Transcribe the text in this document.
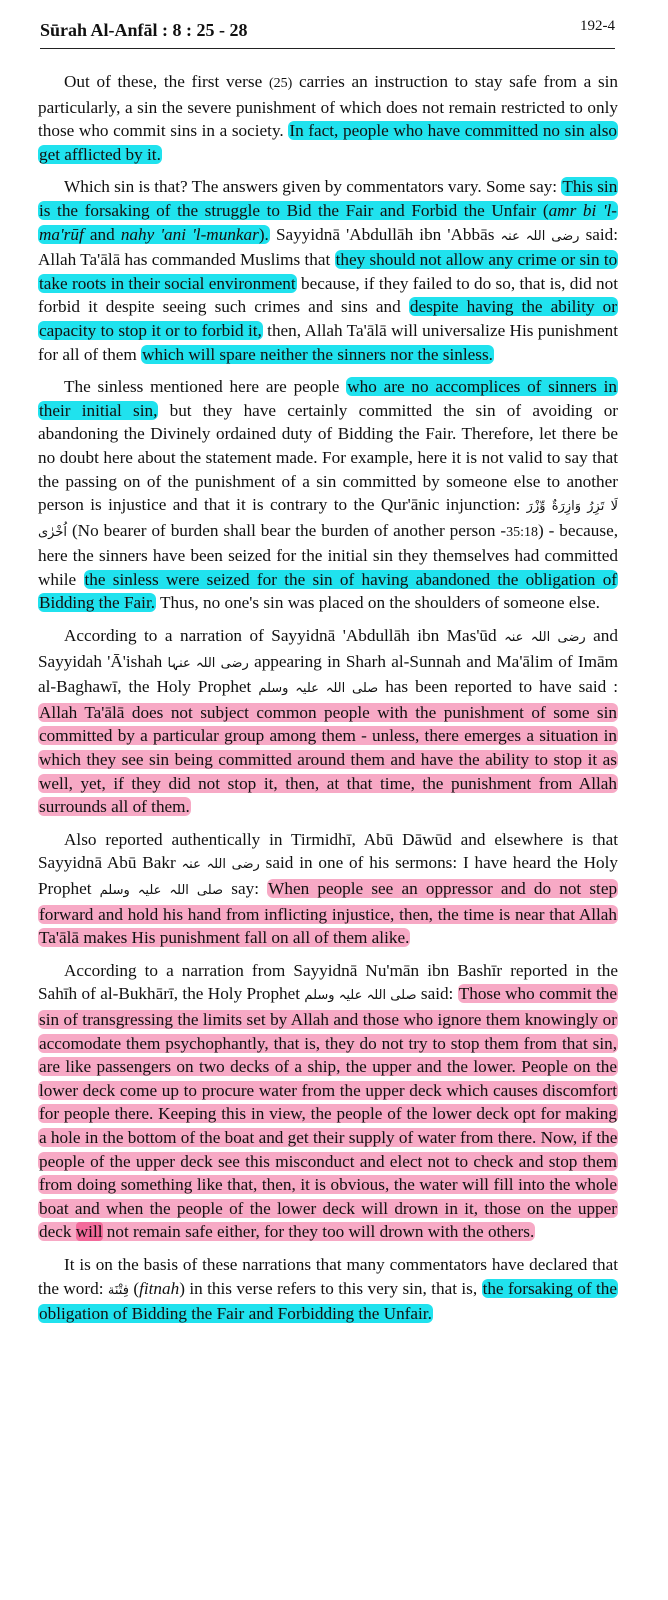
Sūrah Al-Anfāl : 8 : 25 - 28	192-4

Out of these, the first verse (25) carries an instruction to stay safe from a sin particularly, a sin the severe punishment of which does not remain restricted to only those who commit sins in a society. In fact, people who have committed no sin also get afflicted by it.

Which sin is that? The answers given by commentators vary. Some say: This sin is the forsaking of the struggle to Bid the Fair and Forbid the Unfair (amr bi 'l-ma'rūf and nahy 'ani 'l-munkar). Sayyidnā 'Abdullāh ibn 'Abbās رضی اللہ عنہ said: Allah Ta'ālā has commanded Muslims that they should not allow any crime or sin to take roots in their social environment because, if they failed to do so, that is, did not forbid it despite seeing such crimes and sins and despite having the ability or capacity to stop it or to forbid it, then, Allah Ta'ālā will universalize His punishment for all of them which will spare neither the sinners nor the sinless.

The sinless mentioned here are people who are no accomplices of sinners in their initial sin, but they have certainly committed the sin of avoiding or abandoning the Divinely ordained duty of Bidding the Fair. Therefore, let there be no doubt here about the statement made. For example, here it is not valid to say that the passing on of the punishment of a sin committed by someone else to another person is injustice and that it is contrary to the Qur'ānic injunction: لَا تَزِرُ وَازِرَةٌ وِّزْرَ اُخْرٰى (No bearer of burden shall bear the burden of another person -35:18) - because, here the sinners have been seized for the initial sin they themselves had committed while the sinless were seized for the sin of having abandoned the obligation of Bidding the Fair. Thus, no one's sin was placed on the shoulders of someone else.

According to a narration of Sayyidnā 'Abdullāh ibn Mas'ūd رضی اللہ عنہ and Sayyidah 'Ā'ishah رضی اللہ عنہا appearing in Sharh al-Sunnah and Ma'ālim of Imām al-Baghawī, the Holy Prophet صلی اللہ علیہ وسلم has been reported to have said : Allah Ta'ālā does not subject common people with the punishment of some sin committed by a particular group among them - unless, there emerges a situation in which they see sin being committed around them and have the ability to stop it as well, yet, if they did not stop it, then, at that time, the punishment from Allah surrounds all of them.

Also reported authentically in Tirmidhī, Abū Dāwūd and elsewhere is that Sayyidnā Abū Bakr رضی اللہ عنہ said in one of his sermons: I have heard the Holy Prophet صلی اللہ علیہ وسلم say: When people see an oppressor and do not step forward and hold his hand from inflicting injustice, then, the time is near that Allah Ta'ālā makes His punishment fall on all of them alike.

According to a narration from Sayyidnā Nu'mān ibn Bashīr reported in the Sahīh of al-Bukhārī, the Holy Prophet صلی اللہ علیہ وسلم said: Those who commit the sin of transgressing the limits set by Allah and those who ignore them knowingly or accomodate them psychophantly, that is, they do not try to stop them from that sin, are like passengers on two decks of a ship, the upper and the lower. People on the lower deck come up to procure water from the upper deck which causes discomfort for people there. Keeping this in view, the people of the lower deck opt for making a hole in the bottom of the boat and get their supply of water from there. Now, if the people of the upper deck see this misconduct and elect not to check and stop them from doing something like that, then, it is obvious, the water will fill into the whole boat and when the people of the lower deck will drown in it, those on the upper deck will not remain safe either, for they too will drown with the others.

It is on the basis of these narrations that many commentators have declared that the word: فِتْنَة (fitnah) in this verse refers to this very sin, that is, the forsaking of the obligation of Bidding the Fair and Forbidding the Unfair.
